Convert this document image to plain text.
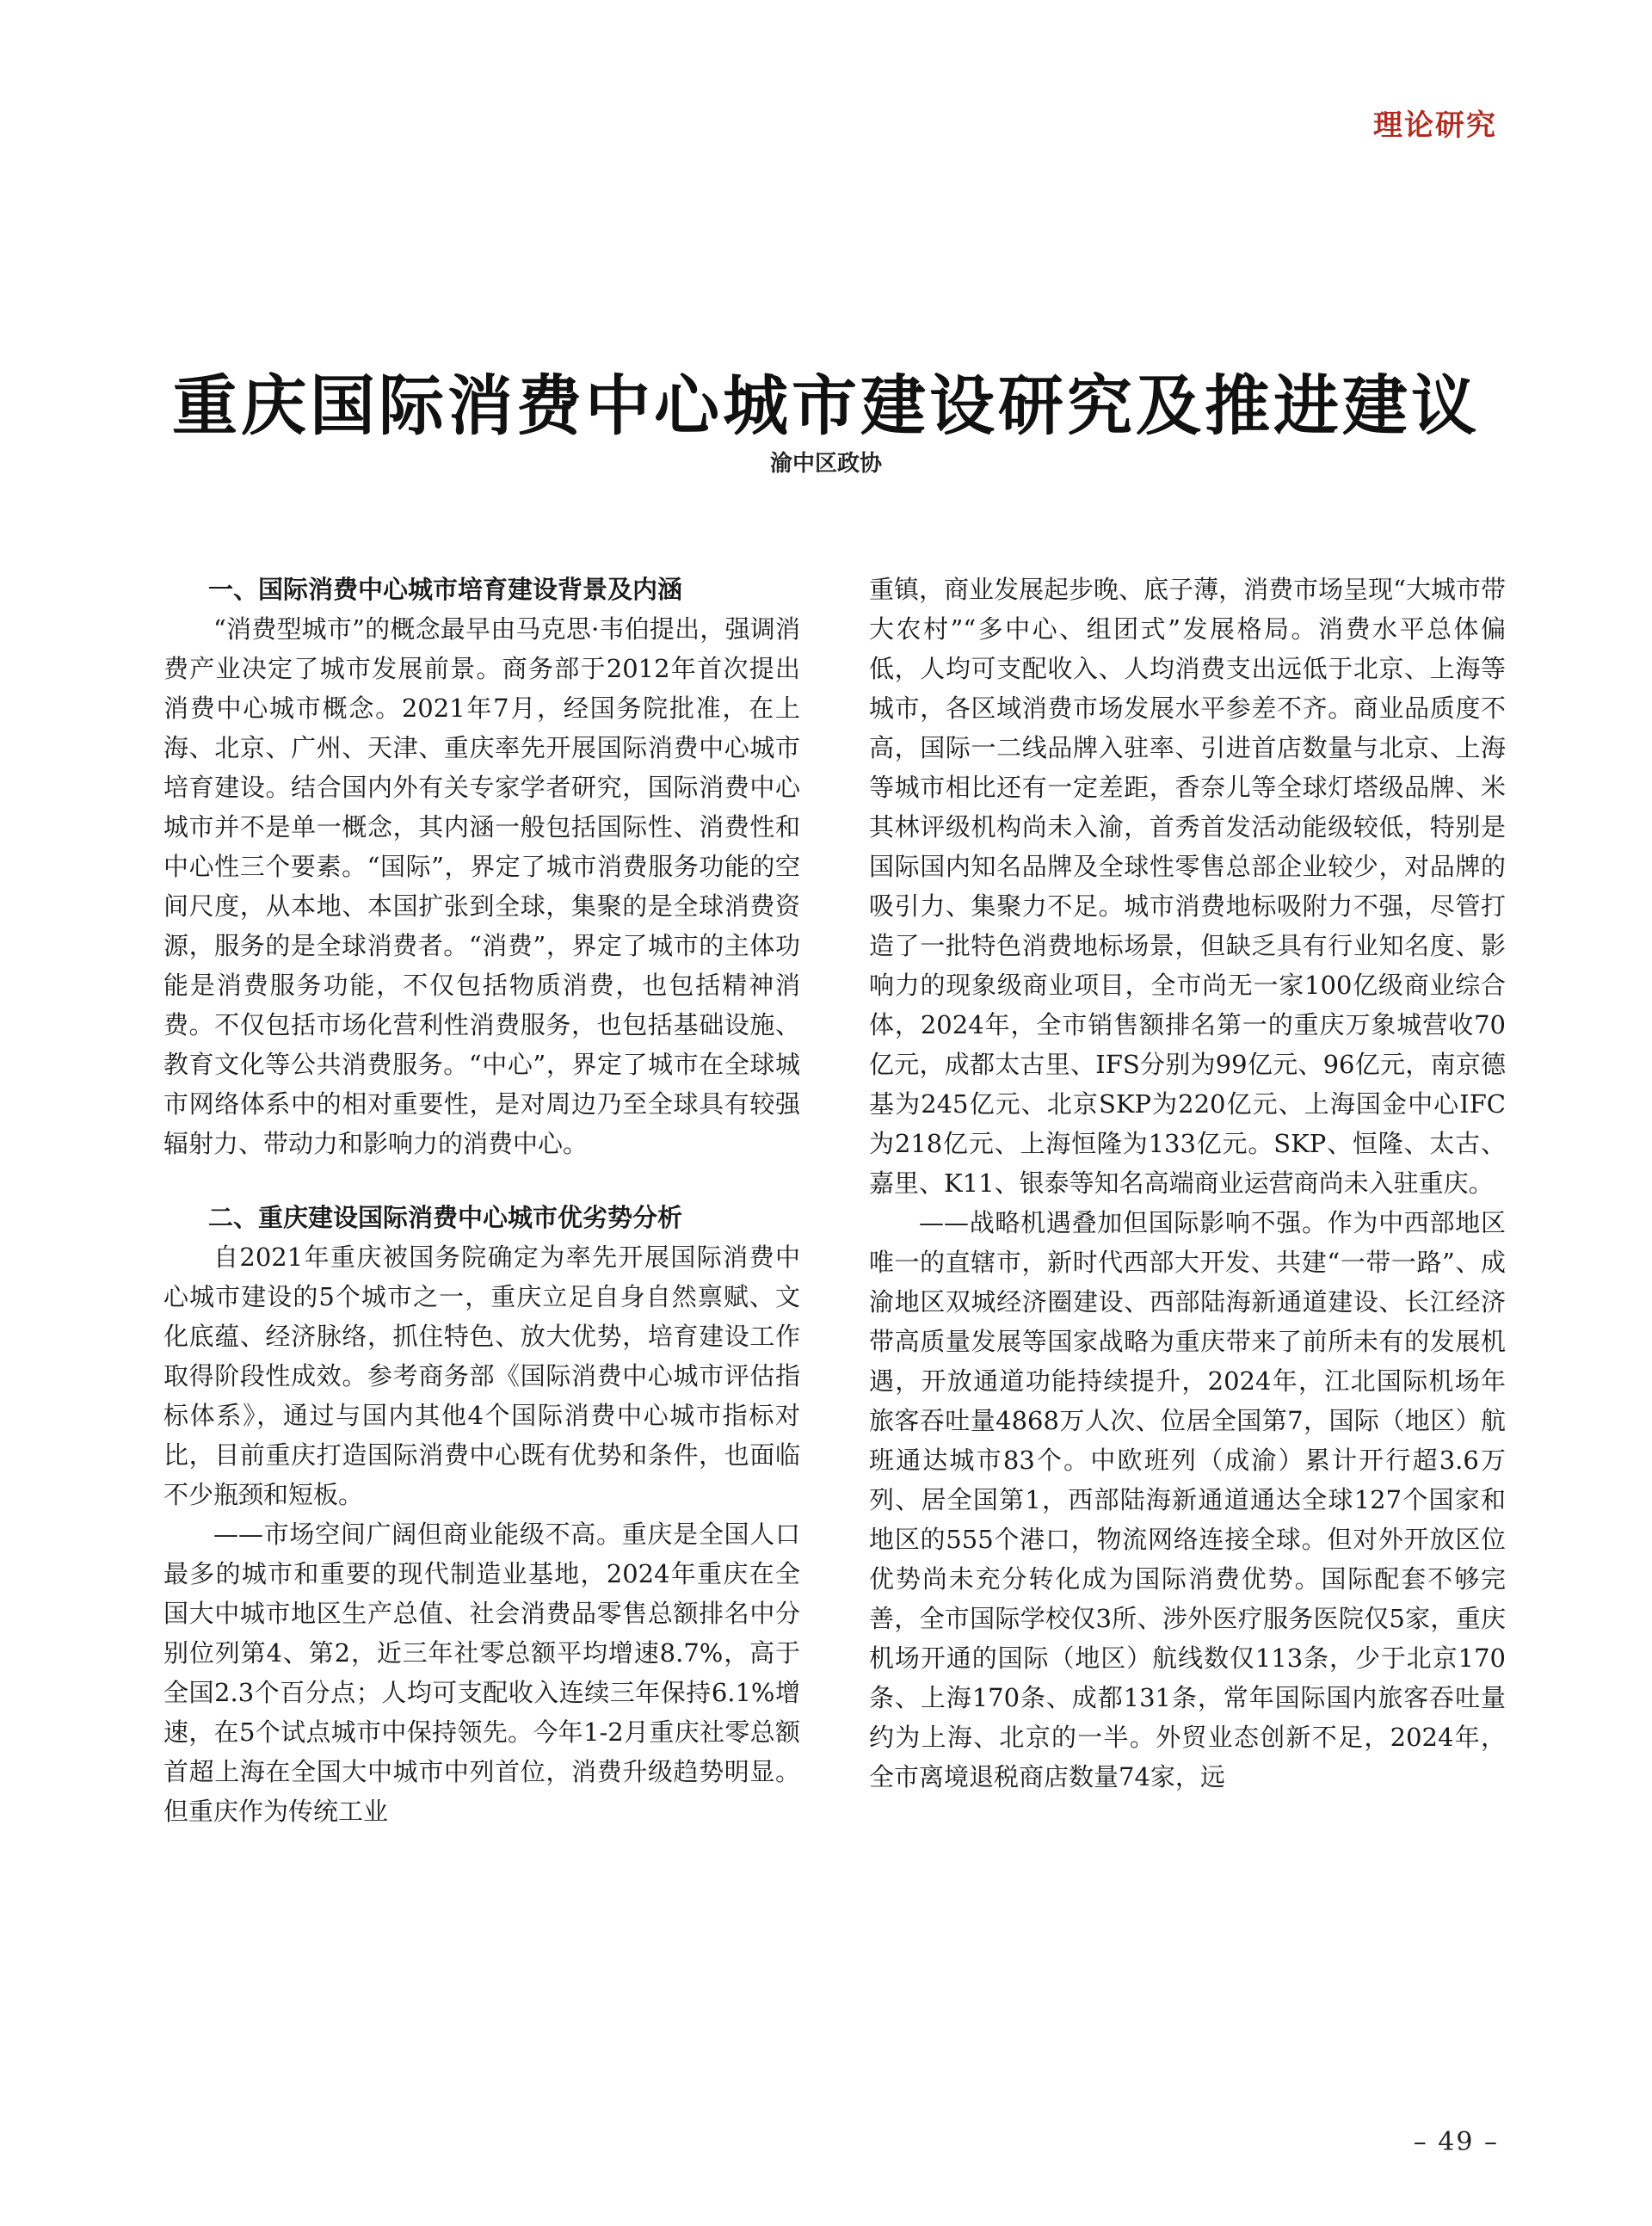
理论研究
重庆国际消费中心城市建设研究及推进建议
渝中区政协
一、国际消费中心城市培育建设背景及内涵

“消费型城市”的概念最早由马克思·韦伯提出，强调消费产业决定了城市发展前景。商务部于2012年首次提出消费中心城市概念。2021年7月，经国务院批准，在上海、北京、广州、天津、重庆率先开展国际消费中心城市培育建设。结合国内外有关专家学者研究，国际消费中心城市并不是单一概念，其内涵一般包括国际性、消费性和中心性三个要素。“国际”，界定了城市消费服务功能的空间尺度，从本地、本国扩张到全球，集聚的是全球消费资源，服务的是全球消费者。“消费”，界定了城市的主体功能是消费服务功能，不仅包括物质消费，也包括精神消费。不仅包括市场化营利性消费服务，也包括基础设施、教育文化等公共消费服务。“中心”，界定了城市在全球城市网络体系中的相对重要性，是对周边乃至全球具有较强辐射力、带动力和影响力的消费中心。

二、重庆建设国际消费中心城市优劣势分析

自2021年重庆被国务院确定为率先开展国际消费中心城市建设的5个城市之一，重庆立足自身自然禀赋、文化底蕴、经济脉络，抓住特色、放大优势，培育建设工作取得阶段性成效。参考商务部《国际消费中心城市评估指标体系》，通过与国内其他4个国际消费中心城市指标对比，目前重庆打造国际消费中心既有优势和条件，也面临不少瓶颈和短板。

——市场空间广阔但商业能级不高。重庆是全国人口最多的城市和重要的现代制造业基地，2024年重庆在全国大中城市地区生产总值、社会消费品零售总额排名中分别位列第4、第2，近三年社零总额平均增速8.7%，高于全国2.3个百分点；人均可支配收入连续三年保持6.1%增速，在5个试点城市中保持领先。今年1-2月重庆社零总额首超上海在全国大中城市中列首位，消费升级趋势明显。但重庆作为传统工业

重镇，商业发展起步晚、底子薄，消费市场呈现“大城市带大农村”“多中心、组团式”发展格局。消费水平总体偏低，人均可支配收入、人均消费支出远低于北京、上海等城市，各区域消费市场发展水平参差不齐。商业品质度不高，国际一二线品牌入驻率、引进首店数量与北京、上海等城市相比还有一定差距，香奈儿等全球灯塔级品牌、米其林评级机构尚未入渝，首秀首发活动能级较低，特别是国际国内知名品牌及全球性零售总部企业较少，对品牌的吸引力、集聚力不足。城市消费地标吸附力不强，尽管打造了一批特色消费地标场景，但缺乏具有行业知名度、影响力的现象级商业项目，全市尚无一家100亿级商业综合体，2024年，全市销售额排名第一的重庆万象城营收70亿元，成都太古里、IFS分别为99亿元、96亿元，南京德基为245亿元、北京SKP为220亿元、上海国金中心IFC为218亿元、上海恒隆为133亿元。SKP、恒隆、太古、嘉里、K11、银泰等知名高端商业运营商尚未入驻重庆。

——战略机遇叠加但国际影响不强。作为中西部地区唯一的直辖市，新时代西部大开发、共建“一带一路”、成渝地区双城经济圈建设、西部陆海新通道建设、长江经济带高质量发展等国家战略为重庆带来了前所未有的发展机遇，开放通道功能持续提升，2024年，江北国际机场年旅客吞吐量4868万人次、位居全国第7，国际（地区）航班通达城市83个。中欧班列（成渝）累计开行超3.6万列、居全国第1，西部陆海新通道通达全球127个国家和地区的555个港口，物流网络连接全球。但对外开放区位优势尚未充分转化成为国际消费优势。国际配套不够完善，全市国际学校仅3所、涉外医疗服务医院仅5家，重庆机场开通的国际（地区）航线数仅113条，少于北京170条、上海170条、成都131条，常年国际国内旅客吞吐量约为上海、北京的一半。外贸业态创新不足，2024年，全市离境退税商店数量74家，远

– 49 –
